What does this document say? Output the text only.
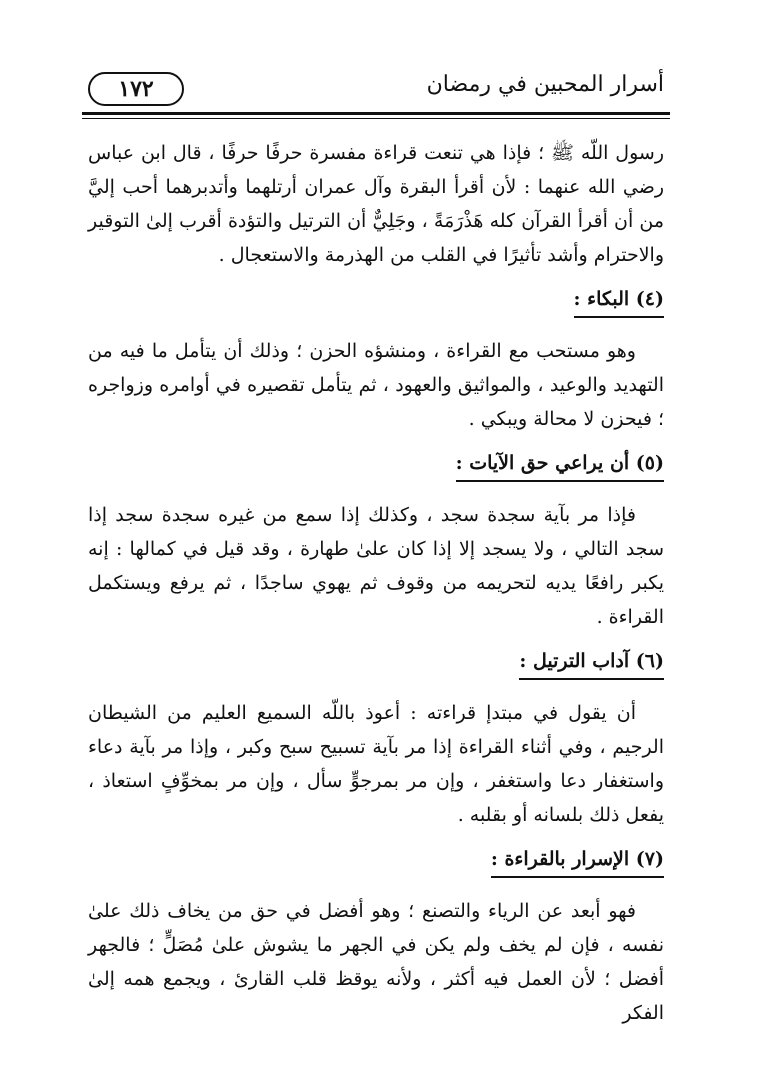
أسرار المحبين في رمضان
١٧٢

رسول اللّه ﷺ ؛ فإذا هي تنعت قراءة مفسرة حرفًا حرفًا ، قال ابن عباس رضي الله عنهما : لأن أقرأ البقرة وآل عمران أرتلهما وأتدبرهما أحب إليَّ من أن أقرأ القرآن كله هَذْرَمَةً ، وجَلِيٌّ أن الترتيل والتؤدة أقرب إلىٰ التوقير والاحترام وأشد تأثيرًا في القلب من الهذرمة والاستعجال .

(٤) البكاء :

وهو مستحب مع القراءة ، ومنشؤه الحزن ؛ وذلك أن يتأمل ما فيه من التهديد والوعيد ، والمواثيق والعهود ، ثم يتأمل تقصيره في أوامره وزواجره ؛ فيحزن لا محالة ويبكي .

(٥) أن يراعي حق الآيات :

فإذا مر بآية سجدة سجد ، وكذلك إذا سمع من غيره سجدة سجد إذا سجد التالي ، ولا يسجد إلا إذا كان علىٰ طهارة ، وقد قيل في كمالها : إنه يكبر رافعًا يديه لتحريمه من وقوف ثم يهوي ساجدًا ، ثم يرفع ويستكمل القراءة .

(٦) آداب الترتيل :

أن يقول في مبتدإ قراءته : أعوذ باللّه السميع العليم من الشيطان الرجيم ، وفي أثناء القراءة إذا مر بآية تسبيح سبح وكبر ، وإذا مر بآية دعاء واستغفار دعا واستغفر ، وإن مر بمرجوٍّ سأل ، وإن مر بمخوِّفٍ استعاذ ، يفعل ذلك بلسانه أو بقلبه .

(٧) الإسرار بالقراءة :

فهو أبعد عن الرياء والتصنع ؛ وهو أفضل في حق من يخاف ذلك علىٰ نفسه ، فإن لم يخف ولم يكن في الجهر ما يشوش علىٰ مُصَلٍّ ؛ فالجهر أفضل ؛ لأن العمل فيه أكثر ، ولأنه يوقظ قلب القارئ ، ويجمع همه إلىٰ الفكر
